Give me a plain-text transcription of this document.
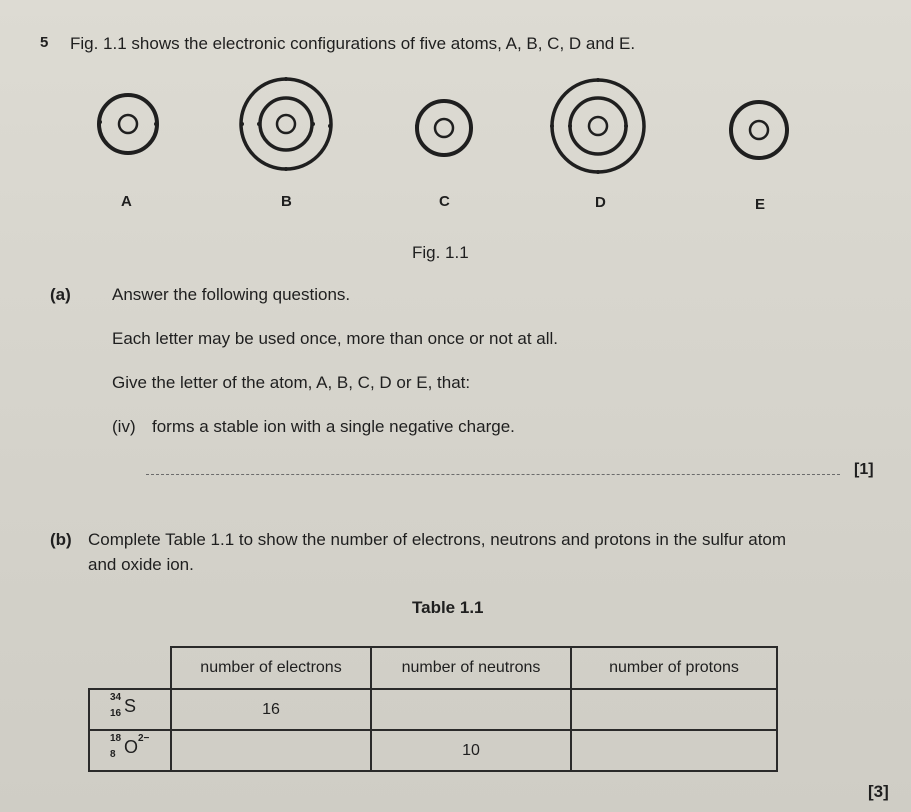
5 Fig. 1.1 shows the electronic configurations of five atoms, A, B, C, D and E.
A	B	C	D	E
Fig. 1.1
(a) Answer the following questions.
Each letter may be used once, more than once or not at all.
Give the letter of the atom, A, B, C, D or E, that:
(iv) forms a stable ion with a single negative charge.
[1]
(b) Complete Table 1.1 to show the number of electrons, neutrons and protons in the sulfur atom
and oxide ion.
Table 1.1
	number of electrons	number of neutrons	number of protons

34
16 S	16		

18
8 O 2−		10	
[3]
